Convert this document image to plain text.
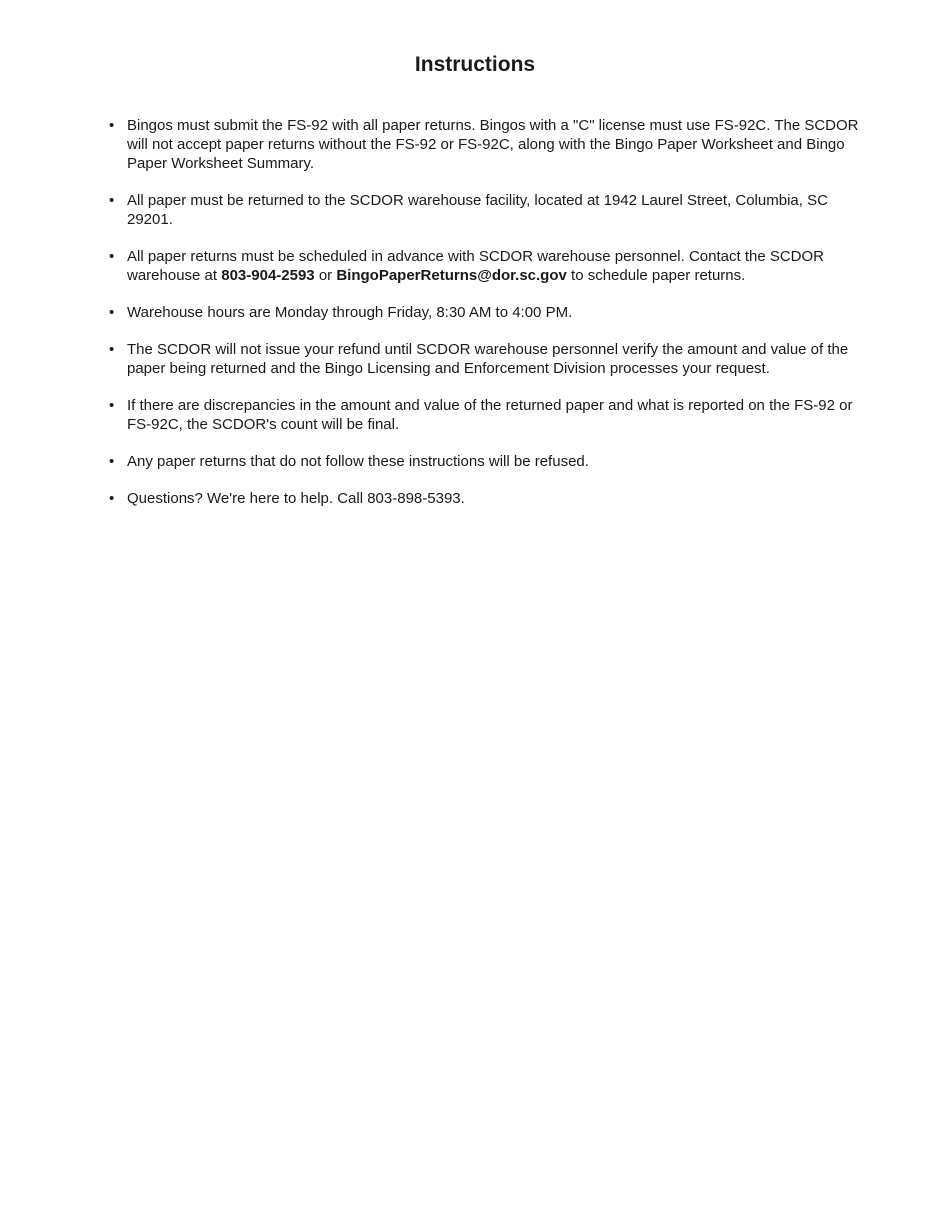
Instructions
• Bingos must submit the FS-92 with all paper returns. Bingos with a "C" license must use FS-92C. The SCDOR will not accept paper returns without the FS-92 or FS-92C, along with the Bingo Paper Worksheet and Bingo Paper Worksheet Summary.
• All paper must be returned to the SCDOR warehouse facility, located at 1942 Laurel Street, Columbia, SC 29201.
• All paper returns must be scheduled in advance with SCDOR warehouse personnel. Contact the SCDOR warehouse at 803-904-2593 or BingoPaperReturns@dor.sc.gov to schedule paper returns.
• Warehouse hours are Monday through Friday, 8:30 AM to 4:00 PM.
• The SCDOR will not issue your refund until SCDOR warehouse personnel verify the amount and value of the paper being returned and the Bingo Licensing and Enforcement Division processes your request.
• If there are discrepancies in the amount and value of the returned paper and what is reported on the FS-92 or FS-92C, the SCDOR's count will be final.
• Any paper returns that do not follow these instructions will be refused.
• Questions? We're here to help. Call 803-898-5393.
